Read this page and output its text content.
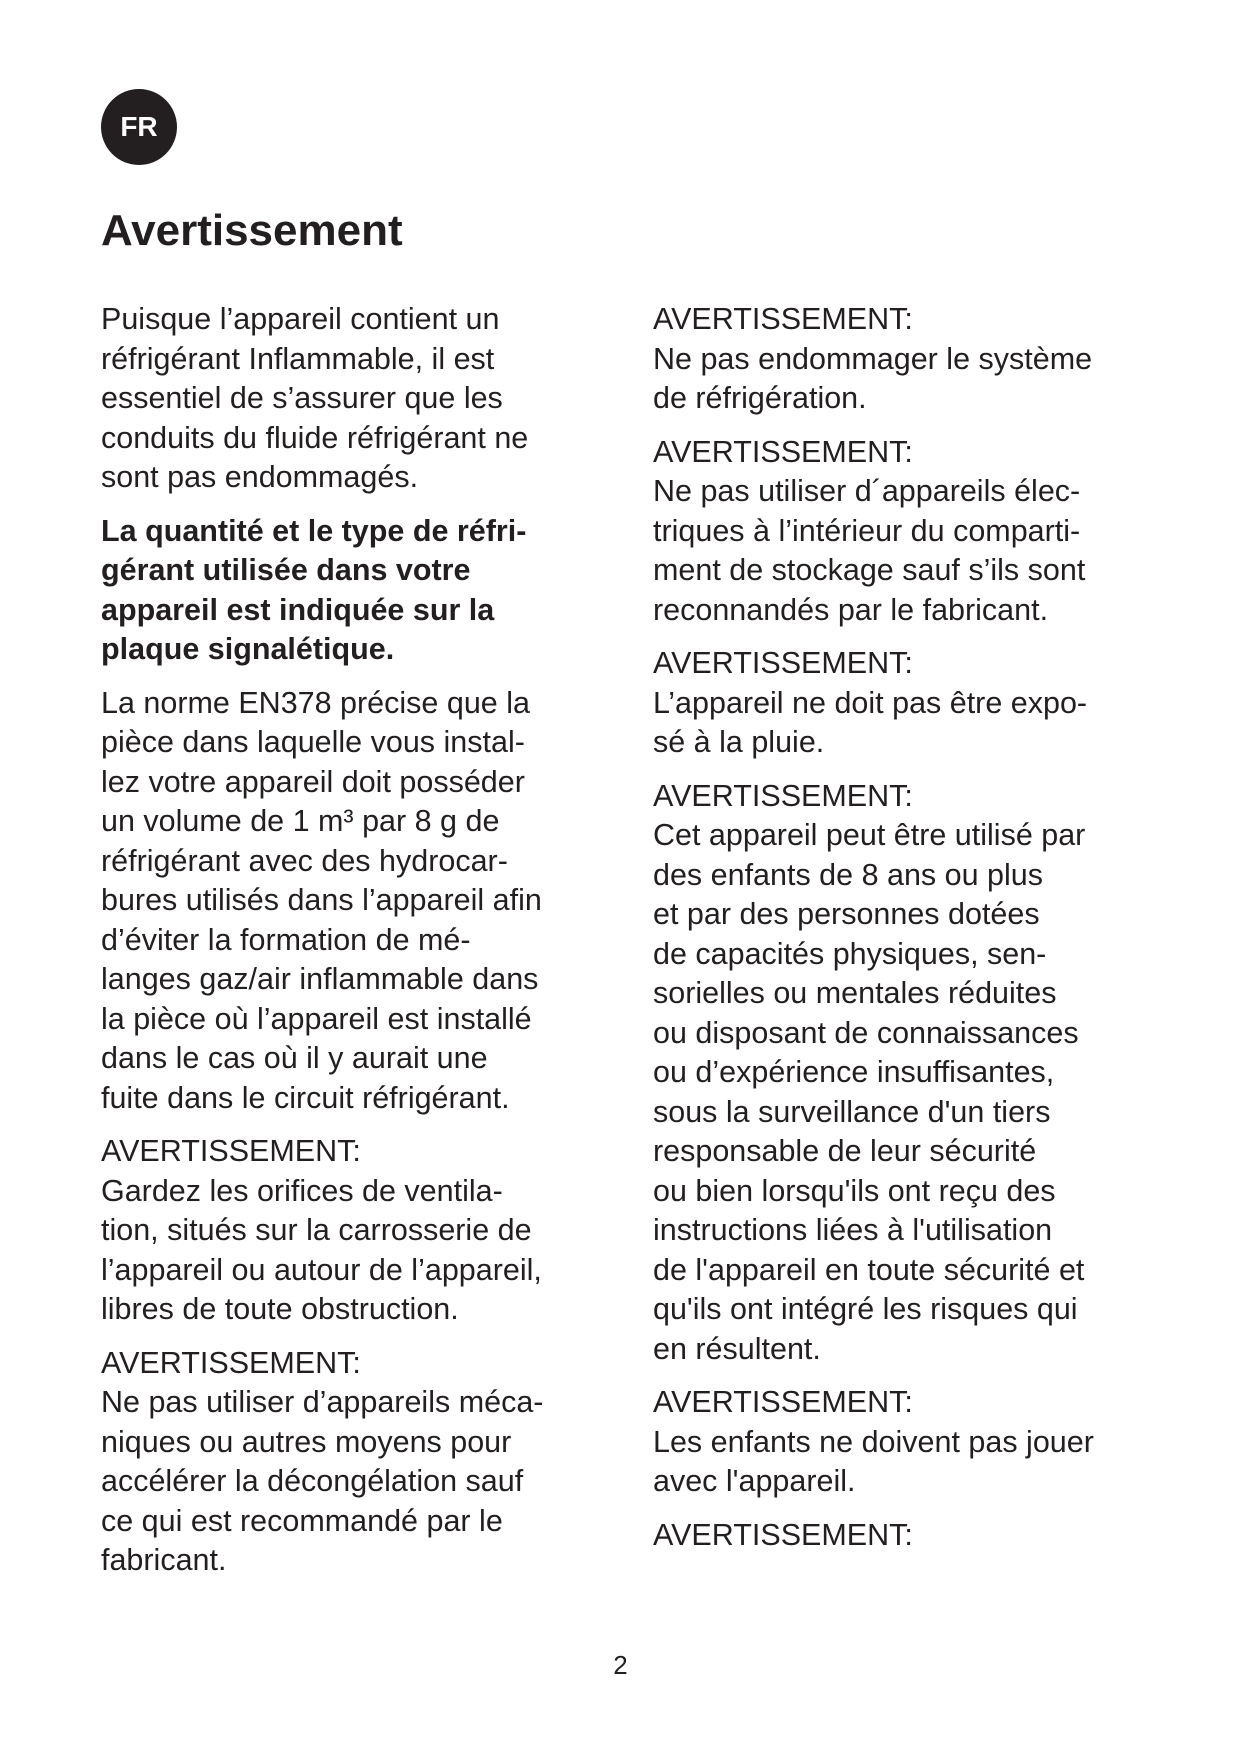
FR
Avertissement

Puisque l’appareil contient un
réfrigérant Inflammable, il est
essentiel de s’assurer que les
conduits du fluide réfrigérant ne
sont pas endommagés.

La quantité et le type de réfri-
gérant utilisée dans votre
appareil est indiquée sur la
plaque signalétique.

La norme EN378 précise que la
pièce dans laquelle vous instal-
lez votre appareil doit posséder
un volume de 1 m³ par 8 g de
réfrigérant avec des hydrocar-
bures utilisés dans l’appareil afin
d’éviter la formation de mé-
langes gaz/air inflammable dans
la pièce où l’appareil est installé
dans le cas où il y aurait une
fuite dans le circuit réfrigérant.

AVERTISSEMENT:
Gardez les orifices de ventila-
tion, situés sur la carrosserie de
l’appareil ou autour de l’appareil,
libres de toute obstruction.
AVERTISSEMENT:
Ne pas utiliser d’appareils méca-
niques ou autres moyens pour
accélérer la décongélation sauf
ce qui est recommandé par le
fabricant.
AVERTISSEMENT:
Ne pas endommager le système
de réfrigération.
AVERTISSEMENT:
Ne pas utiliser d´appareils élec-
triques à l’intérieur du comparti-
ment de stockage sauf s’ils sont
reconnandés par le fabricant.
AVERTISSEMENT:
L’appareil ne doit pas être expo-
sé à la pluie.
AVERTISSEMENT:
Cet appareil peut être utilisé par
des enfants de 8 ans ou plus
et par des personnes dotées
de capacités physiques, sen-
sorielles ou mentales réduites
ou disposant de connaissances
ou d’expérience insuffisantes,
sous la surveillance d'un tiers
responsable de leur sécurité
ou bien lorsqu'ils ont reçu des
instructions liées à l'utilisation
de l'appareil en toute sécurité et
qu'ils ont intégré les risques qui
en résultent.
AVERTISSEMENT:
Les enfants ne doivent pas jouer
avec l'appareil.
AVERTISSEMENT:
2
